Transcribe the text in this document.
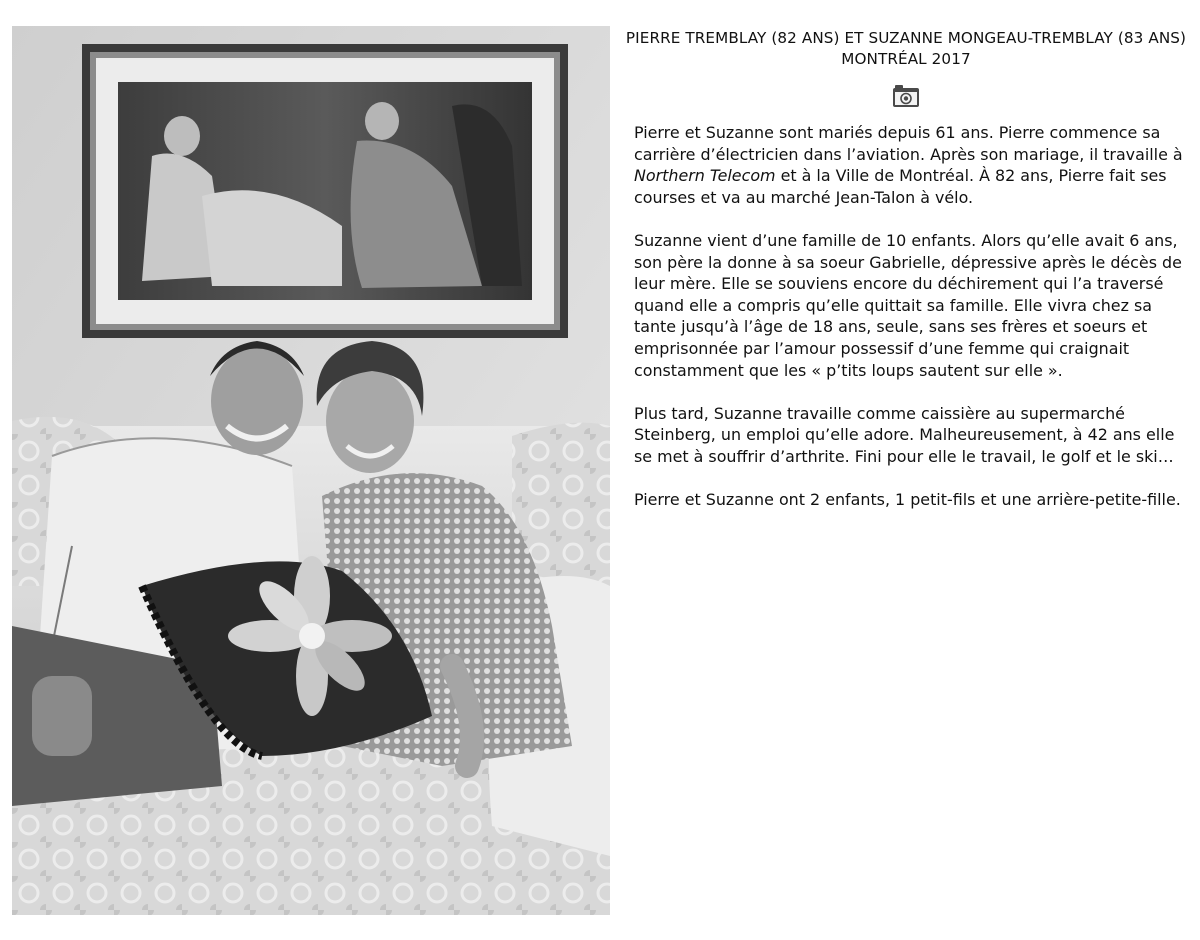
PIERRE TREMBLAY (82 ANS) ET SUZANNE MONGEAU-TREMBLAY (83 ANS)
MONTRÉAL 2017

Pierre et Suzanne sont mariés depuis 61 ans. Pierre commence sa carrière d’électricien dans l’aviation. Après son mariage, il travaille à Northern Telecom et à la Ville de Montréal. À 82 ans, Pierre fait ses courses et va au marché Jean-Talon à vélo.

Suzanne vient d’une famille de 10 enfants. Alors qu’elle avait 6 ans, son père la donne à sa soeur Gabrielle, dépressive après le décès de leur mère. Elle se souviens encore du déchirement qui l’a traversé quand elle a compris qu’elle quittait sa famille. Elle vivra chez sa tante jusqu’à l’âge de 18 ans, seule, sans ses frères et soeurs et emprisonnée par l’amour possessif d’une femme qui craignait constamment que les « p’tits loups sautent sur elle ».

Plus tard, Suzanne travaille comme caissière au supermarché Steinberg, un emploi qu’elle adore. Malheureusement, à 42 ans elle se met à souffrir d’arthrite. Fini pour elle le travail, le golf et le ski…

Pierre et Suzanne ont 2 enfants, 1 petit-fils et une arrière-petite-fille.
